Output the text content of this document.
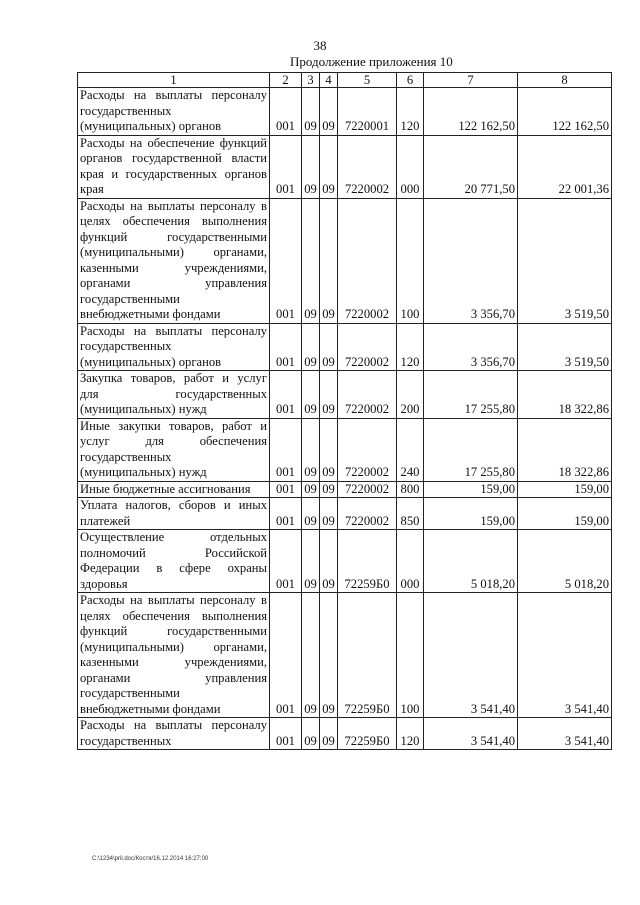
38
Продолжение приложения 10
1	2	3	4	5	6	7	8
Расходы на выплаты персоналу государственных (муниципальных) органов	001	09	09	7220001	120	122 162,50	122 162,50
Расходы на обеспечение функций органов государственной власти края и государственных органов края	001	09	09	7220002	000	20 771,50	22 001,36
Расходы на выплаты персоналу в целях обеспечения выполнения функций государственными (муниципальными) органами, казенными учреждениями, органами управления государственными внебюджетными фондами	001	09	09	7220002	100	3 356,70	3 519,50
Расходы на выплаты персоналу государственных (муниципальных) органов	001	09	09	7220002	120	3 356,70	3 519,50
Закупка товаров, работ и услуг для государственных (муниципальных) нужд	001	09	09	7220002	200	17 255,80	18 322,86
Иные закупки товаров, работ и услуг для обеспечения государственных (муниципальных) нужд	001	09	09	7220002	240	17 255,80	18 322,86
Иные бюджетные ассигнования	001	09	09	7220002	800	159,00	159,00
Уплата налогов, сборов и иных платежей	001	09	09	7220002	850	159,00	159,00
Осуществление отдельных полномочий Российской Федерации в сфере охраны здоровья	001	09	09	72259Б0	000	5 018,20	5 018,20
Расходы на выплаты персоналу в целях обеспечения выполнения функций государственными (муниципальными) органами, казенными учреждениями, органами управления государственными внебюджетными фондами	001	09	09	72259Б0	100	3 541,40	3 541,40
Расходы на выплаты персоналу государственных	001	09	09	72259Б0	120	3 541,40	3 541,40
C:\1234\pril.doc/Костя/16.12.2014 16:27:00
